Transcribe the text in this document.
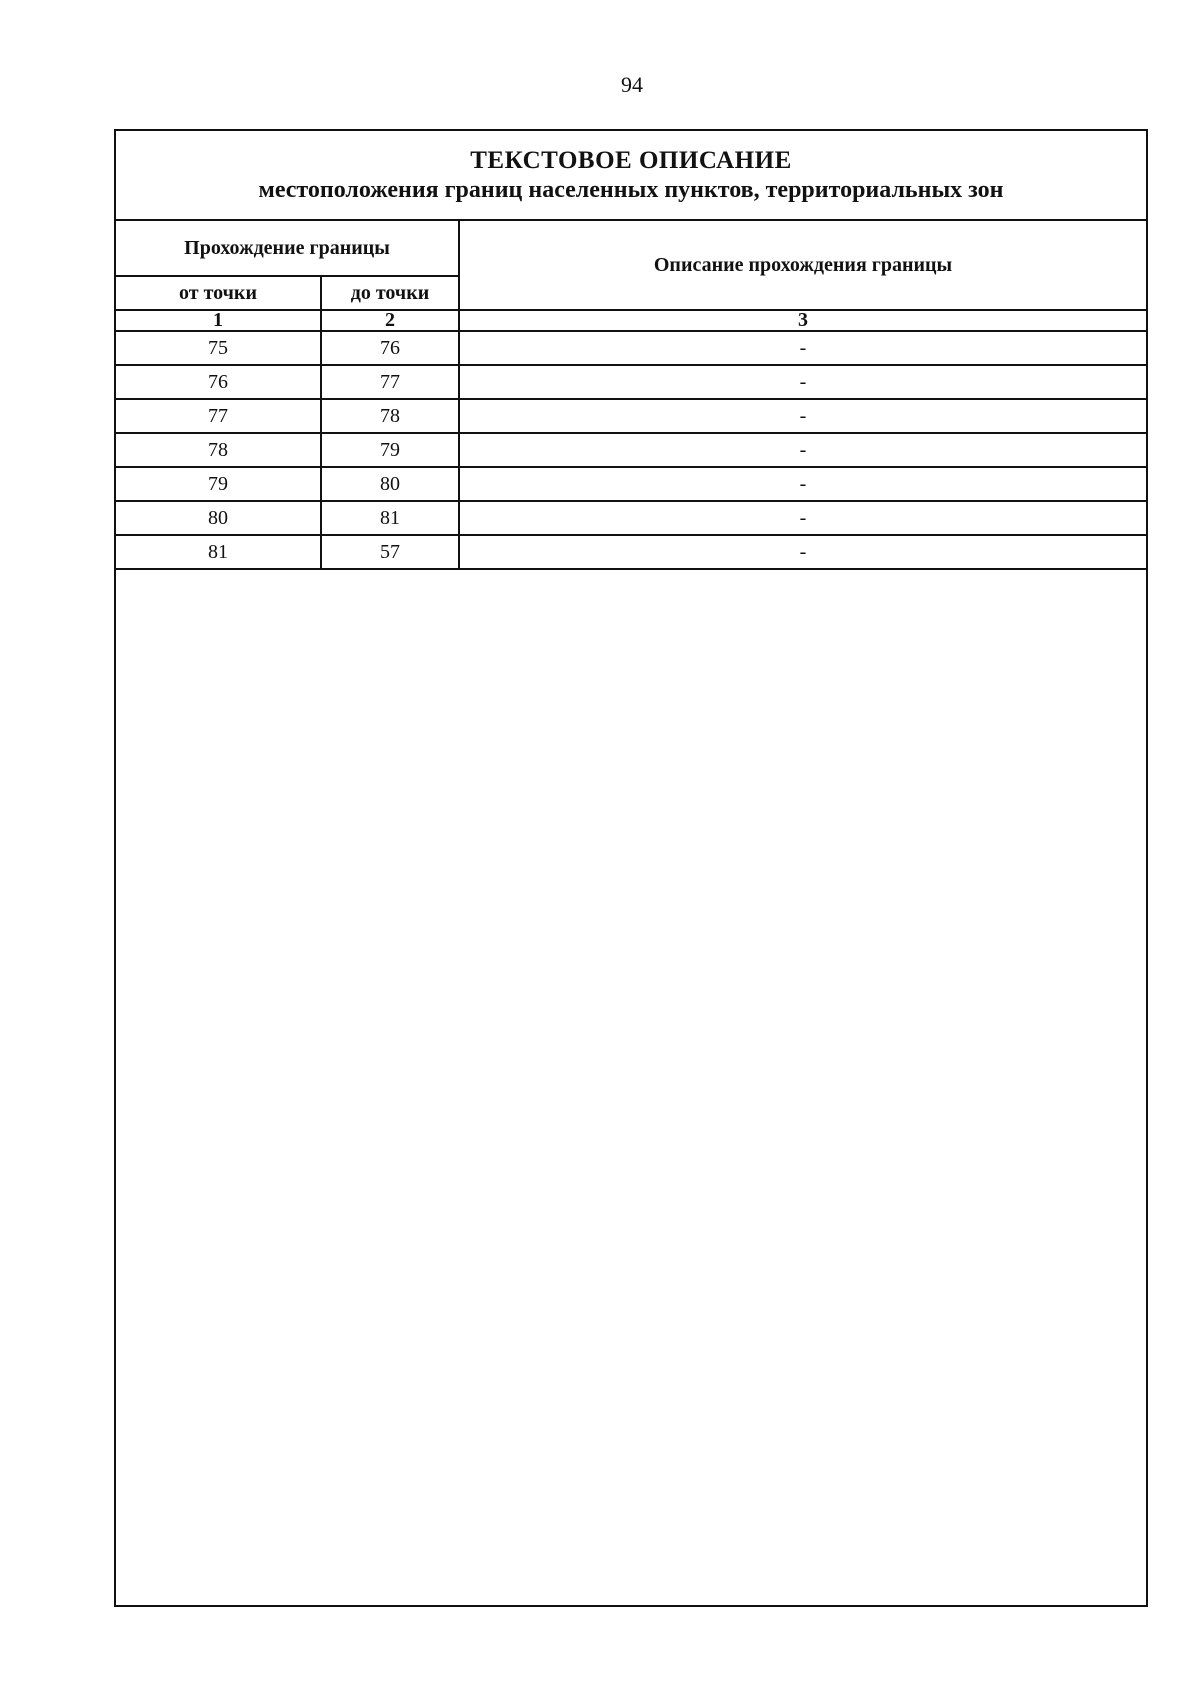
94
ТЕКСТОВОЕ ОПИСАНИЕ
местоположения границ населенных пунктов, территориальных зон
Прохождение границы		Описание прохождения границы
от точки	до точки	
1	2	3
75	76	-
76	77	-
77	78	-
78	79	-
79	80	-
80	81	-
81	57	-
